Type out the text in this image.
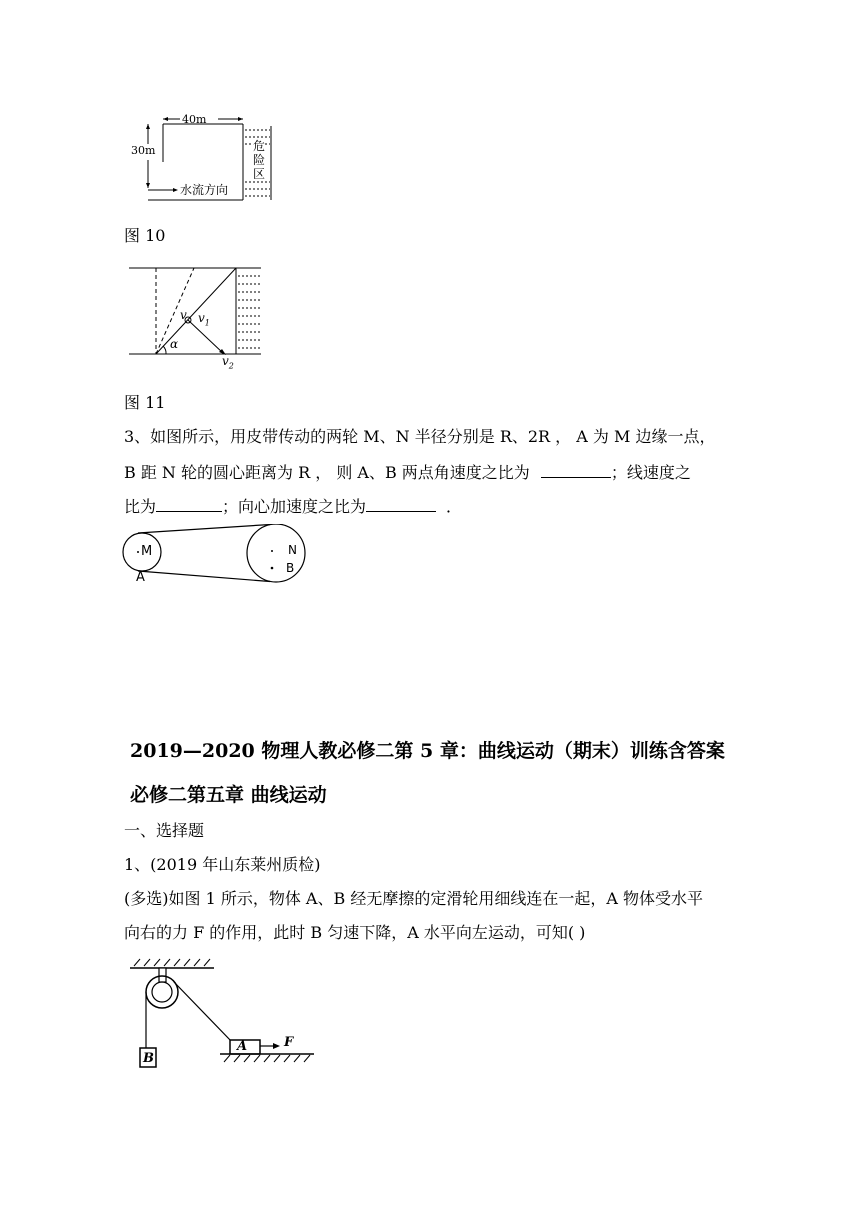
40m
30m	危
险
区
水流方向
图 10
v $v_1$
α
$v_2$
图 11
3、如图所示，用皮带传动的两轮 M、N 半径分别是 R、2R ， A 为 M 边缘一点，
B 距 N 轮的圆心距离为 R ， 则 A、B 两点角速度之比为	；线速度之
比为	；向心加速度之比为	．
M	N
B
A
2019—2020 物理人教必修二第 5 章：曲线运动（期末）训练含答案
必修二第五章 曲线运动
一、选择题
1、(2019 年山东莱州质检)
(多选)如图 1 所示，物体 A、B 经无摩擦的定滑轮用细线连在一起，A 物体受水平
向右的力 F 的作用，此时 B 匀速下降，A 水平向左运动，可知( )
A
B
F
